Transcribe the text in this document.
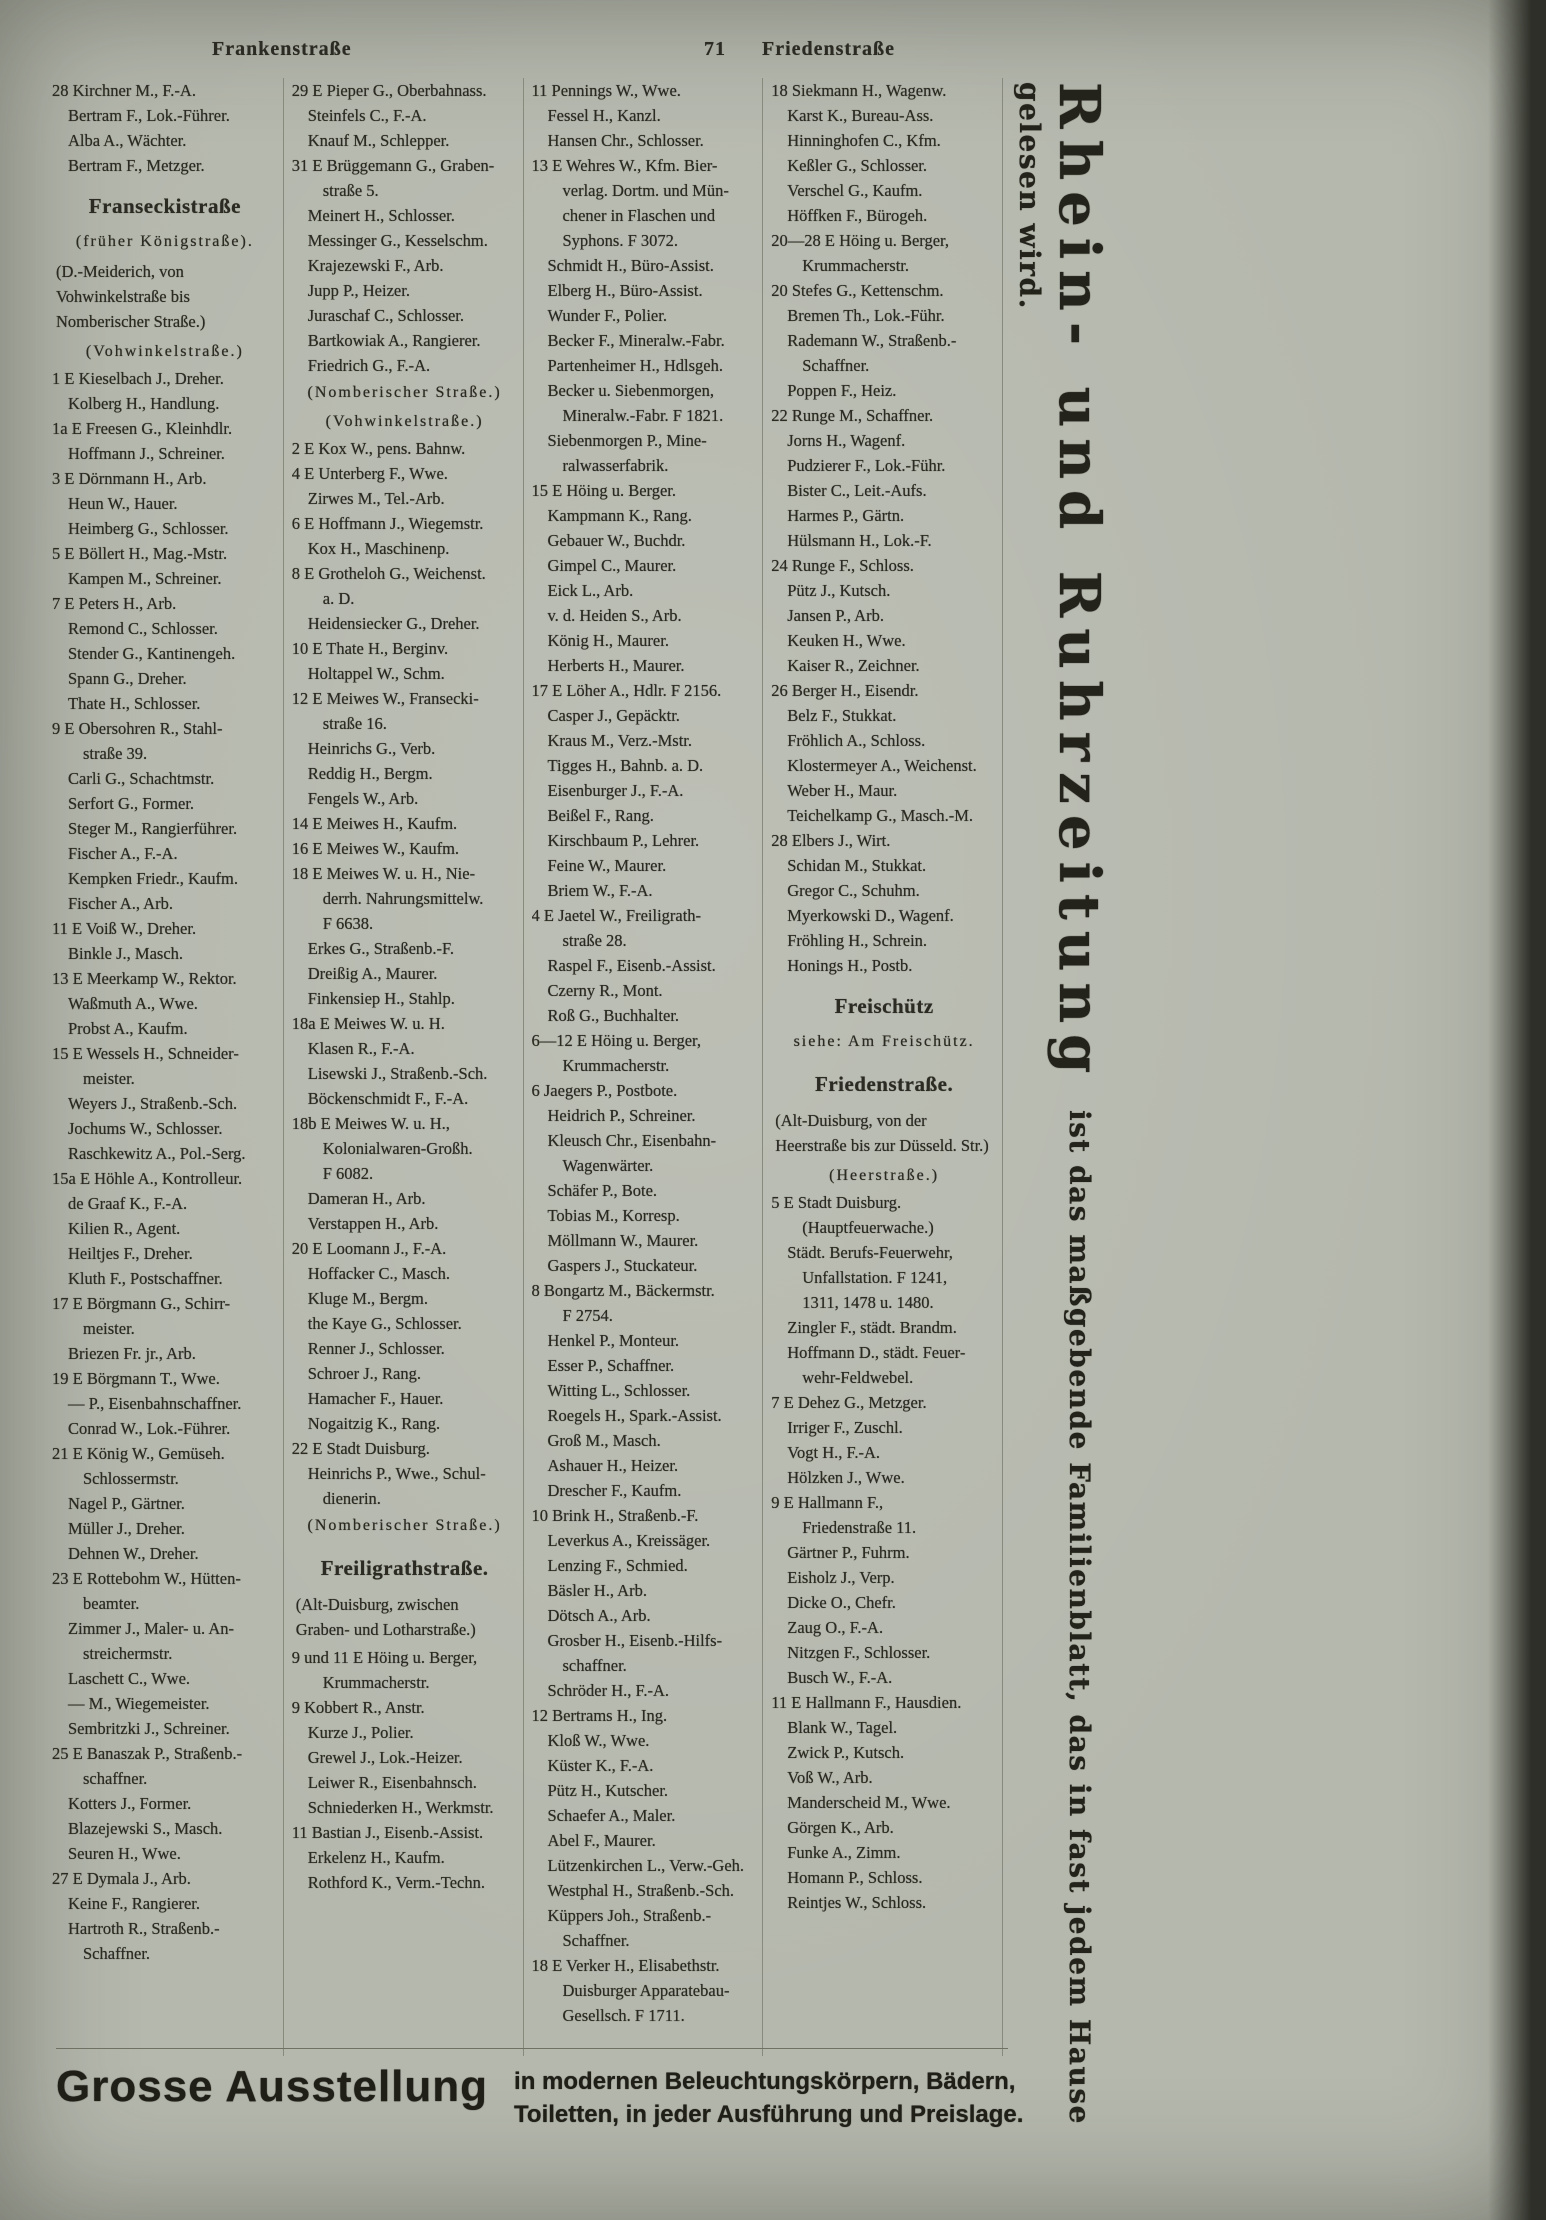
Frankenstraße	71 Friedenstraße
28 Kirchner M., F.-A.
Bertram F., Lok.-Führer.
Alba A., Wächter.
Bertram F., Metzger.
Franseckistraße
(früher Königstraße).
(D.-Meiderich, von Vohwinkelstraße bis Nomberischer Straße.)
(Vohwinkelstraße.)
1 E Kieselbach J., Dreher.
Kolberg H., Handlung.
1a E Freesen G., Kleinhdlr.
Hoffmann J., Schreiner.
3 E Dörnmann H., Arb.
Heun W., Hauer.
Heimberg G., Schlosser.
5 E Böllert H., Mag.-Mstr.
Kampen M., Schreiner.
7 E Peters H., Arb.
Remond C., Schlosser.
Stender G., Kantinengeh.
Spann G., Dreher.
Thate H., Schlosser.
9 E Obersohren R., Stahl-
straße 39.
Carli G., Schachtmstr.
Serfort G., Former.
Steger M., Rangierführer.
Fischer A., F.-A.
Kempken Friedr., Kaufm.
Fischer A., Arb.
11 E Voiß W., Dreher.
Binkle J., Masch.
13 E Meerkamp W., Rektor.
Waßmuth A., Wwe.
Probst A., Kaufm.
15 E Wessels H., Schneider-
meister.
Weyers J., Straßenb.-Sch.
Jochums W., Schlosser.
Raschkewitz A., Pol.-Serg.
15a E Höhle A., Kontrolleur.
de Graaf K., F.-A.
Kilien R., Agent.
Heiltjes F., Dreher.
Kluth F., Postschaffner.
17 E Börgmann G., Schirr-
meister.
Briezen Fr. jr., Arb.
19 E Börgmann T., Wwe.
— P., Eisenbahnschaffner.
Conrad W., Lok.-Führer.
21 E König W., Gemüseh.
Schlossermstr.
Nagel P., Gärtner.
Müller J., Dreher.
Dehnen W., Dreher.
23 E Rottebohm W., Hütten-
beamter.
Zimmer J., Maler- u. An-
streichermstr.
Laschett C., Wwe.
— M., Wiegemeister.
Sembritzki J., Schreiner.
25 E Banaszak P., Straßenb.-
schaffner.
Kotters J., Former.
Blazejewski S., Masch.
Seuren H., Wwe.
27 E Dymala J., Arb.
Keine F., Rangierer.
Hartroth R., Straßenb.-
Schaffner.
29 E Pieper G., Oberbahnass.
Steinfels C., F.-A.
Knauf M., Schlepper.
31 E Brüggemann G., Graben-
straße 5.
Meinert H., Schlosser.
Messinger G., Kesselschm.
Krajezewski F., Arb.
Jupp P., Heizer.
Juraschaf C., Schlosser.
Bartkowiak A., Rangierer.
Friedrich G., F.-A.
(Nomberischer Straße.)
(Vohwinkelstraße.)
2 E Kox W., pens. Bahnw.
4 E Unterberg F., Wwe.
Zirwes M., Tel.-Arb.
6 E Hoffmann J., Wiegemstr.
Kox H., Maschinenp.
8 E Grotheloh G., Weichenst.
a. D.
Heidensiecker G., Dreher.
10 E Thate H., Berginv.
Holtappel W., Schm.
12 E Meiwes W., Fransecki-
straße 16.
Heinrichs G., Verb.
Reddig H., Bergm.
Fengels W., Arb.
14 E Meiwes H., Kaufm.
16 E Meiwes W., Kaufm.
18 E Meiwes W. u. H., Nie-
derrh. Nahrungsmittelw.
F 6638.
Erkes G., Straßenb.-F.
Dreißig A., Maurer.
Finkensiep H., Stahlp.
18a E Meiwes W. u. H.
Klasen R., F.-A.
Lisewski J., Straßenb.-Sch.
Böckenschmidt F., F.-A.
18b E Meiwes W. u. H.,
Kolonialwaren-Großh.
F 6082.
Dameran H., Arb.
Verstappen H., Arb.
20 E Loomann J., F.-A.
Hoffacker C., Masch.
Kluge M., Bergm.
the Kaye G., Schlosser.
Renner J., Schlosser.
Schroer J., Rang.
Hamacher F., Hauer.
Nogaitzig K., Rang.
22 E Stadt Duisburg.
Heinrichs P., Wwe., Schul-
dienerin.
(Nomberischer Straße.)
Freiligrathstraße.
(Alt-Duisburg, zwischen Graben- und Lotharstraße.)
9 und 11 E Höing u. Berger,
Krummacherstr.
9 Kobbert R., Anstr.
Kurze J., Polier.
Grewel J., Lok.-Heizer.
Leiwer R., Eisenbahnsch.
Schniederken H., Werkmstr.
11 Bastian J., Eisenb.-Assist.
Erkelenz H., Kaufm.
Rothford K., Verm.-Techn.
11 Pennings W., Wwe.
Fessel H., Kanzl.
Hansen Chr., Schlosser.
13 E Wehres W., Kfm. Bier-
verlag. Dortm. und Mün-
chener in Flaschen und
Syphons. F 3072.
Schmidt H., Büro-Assist.
Elberg H., Büro-Assist.
Wunder F., Polier.
Becker F., Mineralw.-Fabr.
Partenheimer H., Hdlsgeh.
Becker u. Siebenmorgen,
Mineralw.-Fabr. F 1821.
Siebenmorgen P., Mine-
ralwasserfabrik.
15 E Höing u. Berger.
Kampmann K., Rang.
Gebauer W., Buchdr.
Gimpel C., Maurer.
Eick L., Arb.
v. d. Heiden S., Arb.
König H., Maurer.
Herberts H., Maurer.
17 E Löher A., Hdlr. F 2156.
Casper J., Gepäcktr.
Kraus M., Verz.-Mstr.
Tigges H., Bahnb. a. D.
Eisenburger J., F.-A.
Beißel F., Rang.
Kirschbaum P., Lehrer.
Feine W., Maurer.
Briem W., F.-A.
4 E Jaetel W., Freiligrath-
straße 28.
Raspel F., Eisenb.-Assist.
Czerny R., Mont.
Roß G., Buchhalter.
6—12 E Höing u. Berger,
Krummacherstr.
6 Jaegers P., Postbote.
Heidrich P., Schreiner.
Kleusch Chr., Eisenbahn-
Wagenwärter.
Schäfer P., Bote.
Tobias M., Korresp.
Möllmann W., Maurer.
Gaspers J., Stuckateur.
8 Bongartz M., Bäckermstr.
F 2754.
Henkel P., Monteur.
Esser P., Schaffner.
Witting L., Schlosser.
Roegels H., Spark.-Assist.
Groß M., Masch.
Ashauer H., Heizer.
Drescher F., Kaufm.
10 Brink H., Straßenb.-F.
Leverkus A., Kreissäger.
Lenzing F., Schmied.
Bäsler H., Arb.
Dötsch A., Arb.
Grosber H., Eisenb.-Hilfs-
schaffner.
Schröder H., F.-A.
12 Bertrams H., Ing.
Kloß W., Wwe.
Küster K., F.-A.
Pütz H., Kutscher.
Schaefer A., Maler.
Abel F., Maurer.
Lützenkirchen L., Verw.-Geh.
Westphal H., Straßenb.-Sch.
Küppers Joh., Straßenb.-
Schaffner.
18 E Verker H., Elisabethstr.
Duisburger Apparatebau-
Gesellsch. F 1711.
18 Siekmann H., Wagenw.
Karst K., Bureau-Ass.
Hinninghofen C., Kfm.
Keßler G., Schlosser.
Verschel G., Kaufm.
Höffken F., Bürogeh.
20—28 E Höing u. Berger,
Krummacherstr.
20 Stefes G., Kettenschm.
Bremen Th., Lok.-Führ.
Rademann W., Straßenb.-
Schaffner.
Poppen F., Heiz.
22 Runge M., Schaffner.
Jorns H., Wagenf.
Pudzierer F., Lok.-Führ.
Bister C., Leit.-Aufs.
Harmes P., Gärtn.
Hülsmann H., Lok.-F.
24 Runge F., Schloss.
Pütz J., Kutsch.
Jansen P., Arb.
Keuken H., Wwe.
Kaiser R., Zeichner.
26 Berger H., Eisendr.
Belz F., Stukkat.
Fröhlich A., Schloss.
Klostermeyer A., Weichenst.
Weber H., Maur.
Teichelkamp G., Masch.-M.
28 Elbers J., Wirt.
Schidan M., Stukkat.
Gregor C., Schuhm.
Myerkowski D., Wagenf.
Fröhling H., Schrein.
Honings H., Postb.
Freischütz
siehe: Am Freischütz.
Friedenstraße.
(Alt-Duisburg, von der Heerstraße bis zur Düsseld. Str.)
(Heerstraße.)
5 E Stadt Duisburg.
(Hauptfeuerwache.)
Städt. Berufs-Feuerwehr,
Unfallstation. F 1241,
1311, 1478 u. 1480.
Zingler F., städt. Brandm.
Hoffmann D., städt. Feuer-
wehr-Feldwebel.
7 E Dehez G., Metzger.
Irriger F., Zuschl.
Vogt H., F.-A.
Hölzken J., Wwe.
9 E Hallmann F.,
Friedenstraße 11.
Gärtner P., Fuhrm.
Eisholz J., Verp.
Dicke O., Chefr.
Zaug O., F.-A.
Nitzgen F., Schlosser.
Busch W., F.-A.
11 E Hallmann F., Hausdien.
Blank W., Tagel.
Zwick P., Kutsch.
Voß W., Arb.
Manderscheid M., Wwe.
Görgen K., Arb.
Funke A., Zimm.
Homann P., Schloss.
Reintjes W., Schloss.
Rhein- und Ruhrzeitung ist das maßgebende Familienblatt, das in fast jedem Hause gelesen wird.
Grosse Ausstellung in modernen Beleuchtungskörpern, Bädern,
Toiletten, in jeder Ausführung und Preislage.
